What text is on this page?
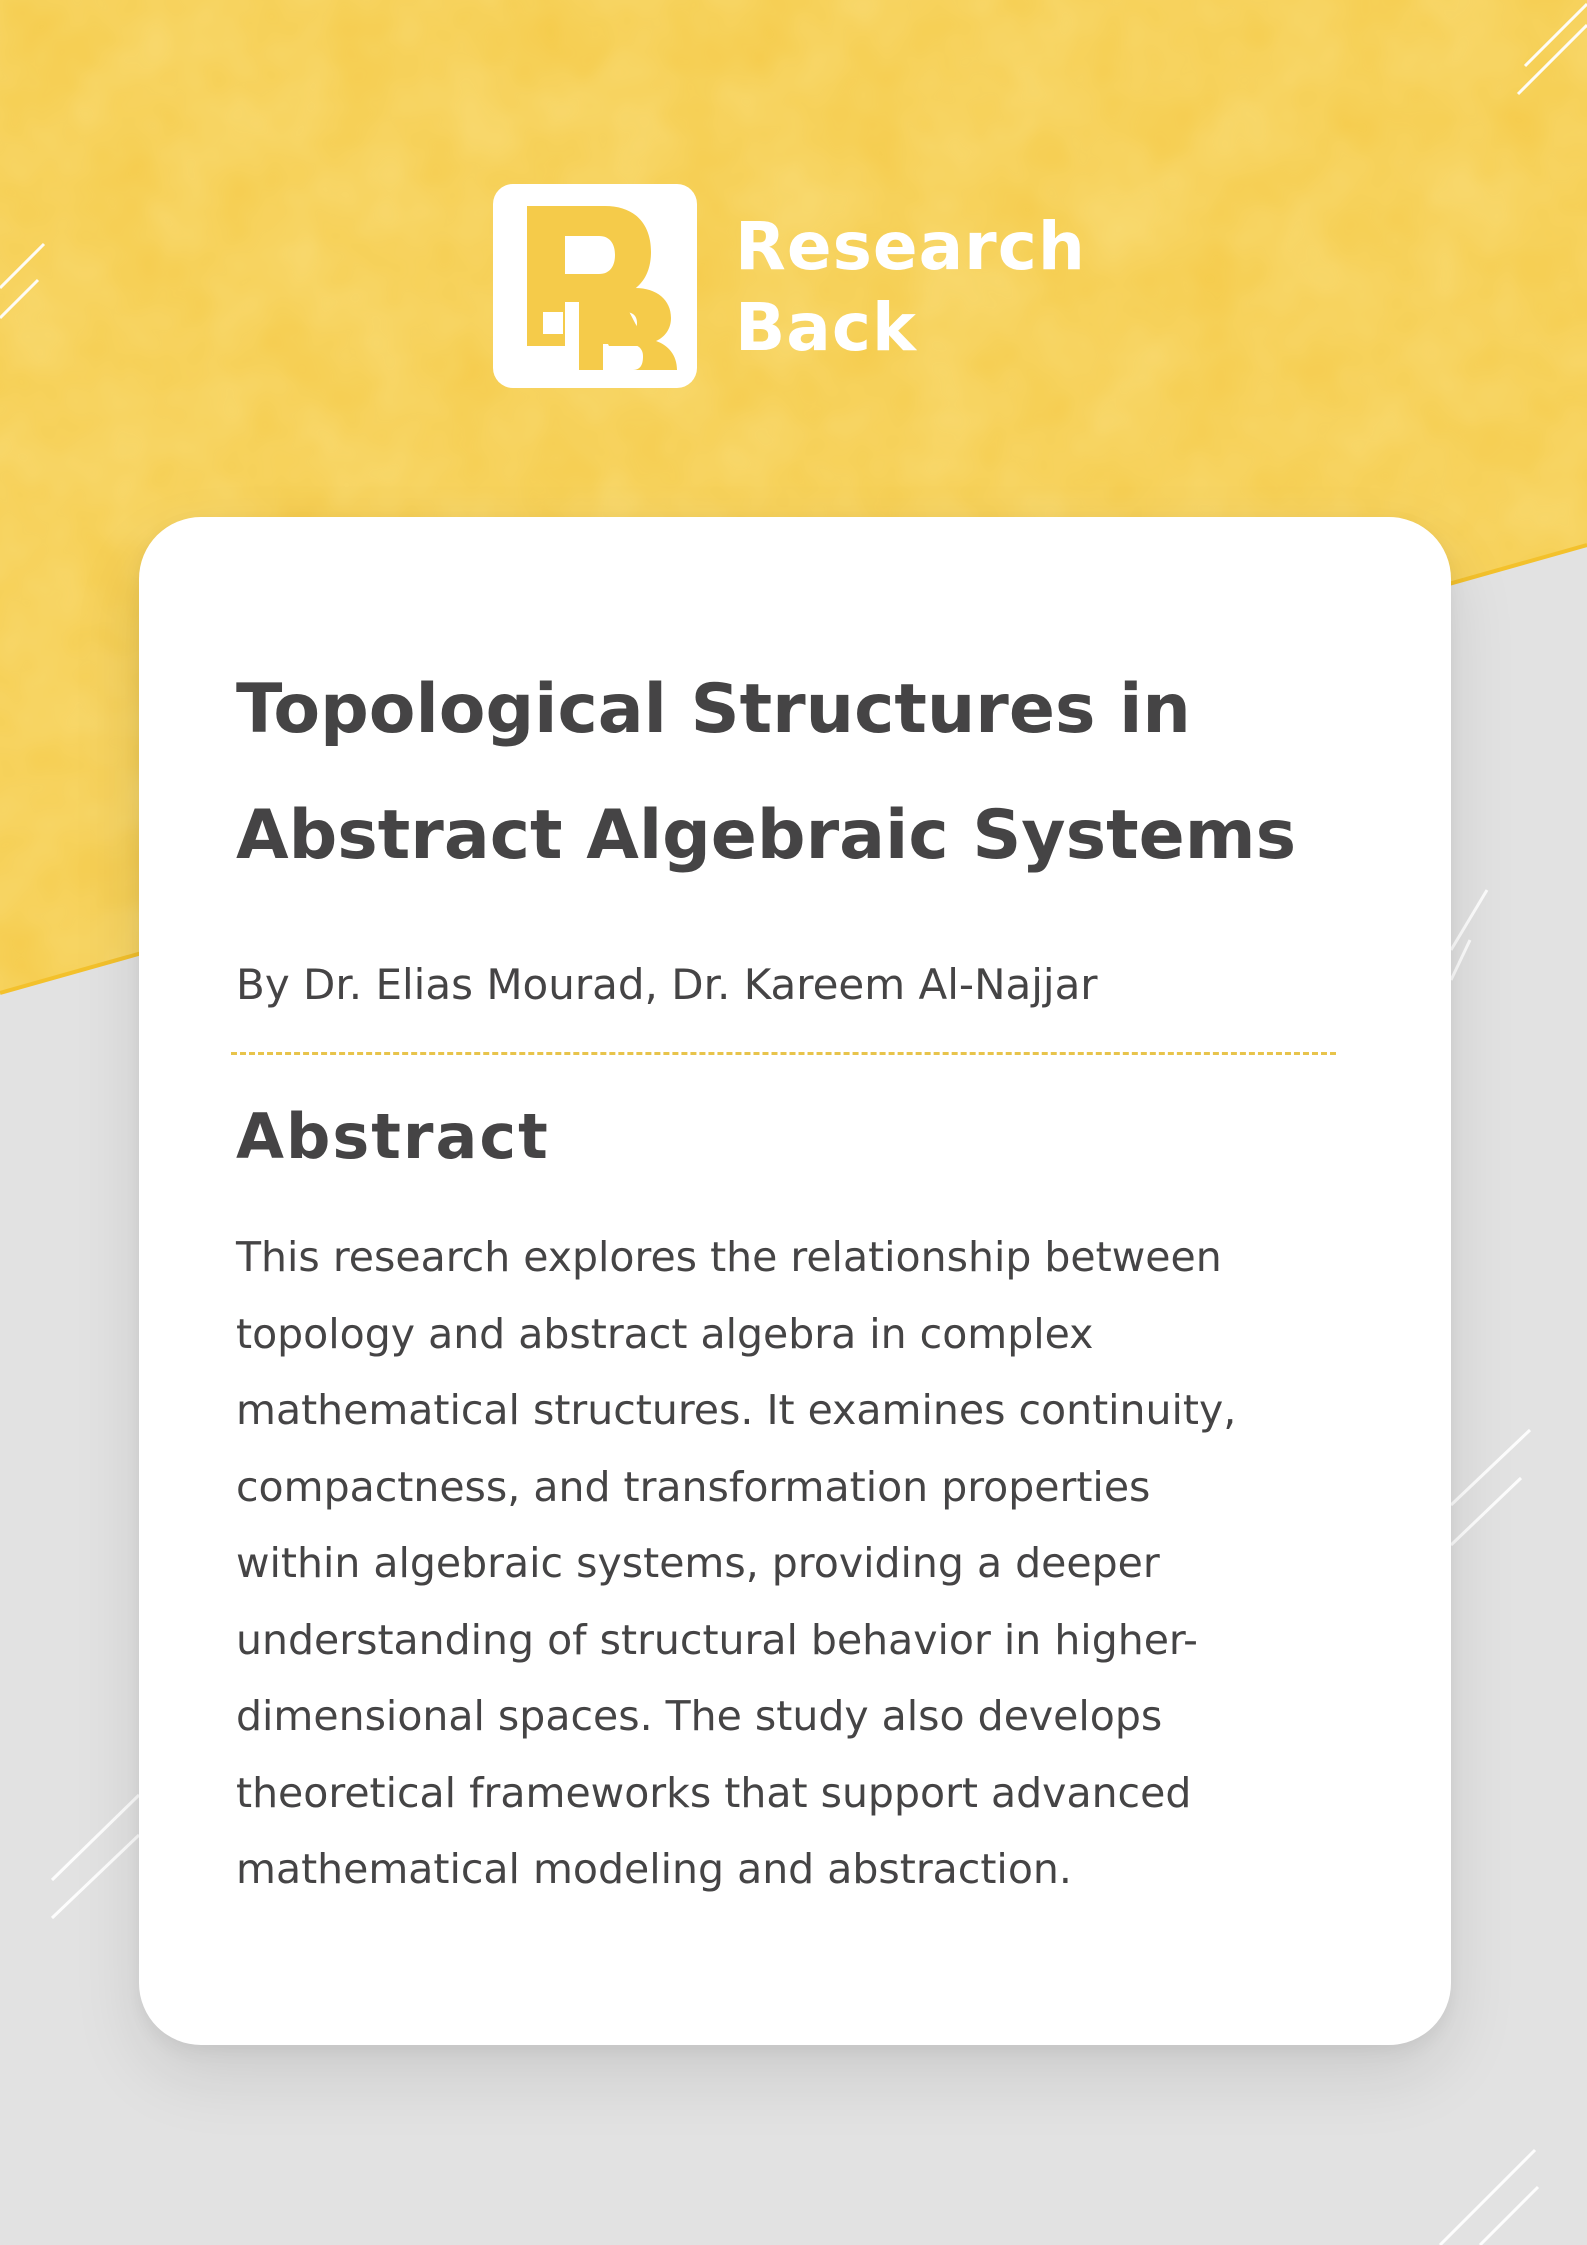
Research
Back
Topological Structures in
Abstract Algebraic Systems
By Dr. Elias Mourad, Dr. Kareem Al-Najjar
Abstract
This research explores the relationship between
topology and abstract algebra in complex
mathematical structures. It examines continuity,
compactness, and transformation properties
within algebraic systems, providing a deeper
understanding of structural behavior in higher-
dimensional spaces. The study also develops
theoretical frameworks that support advanced
mathematical modeling and abstraction.
